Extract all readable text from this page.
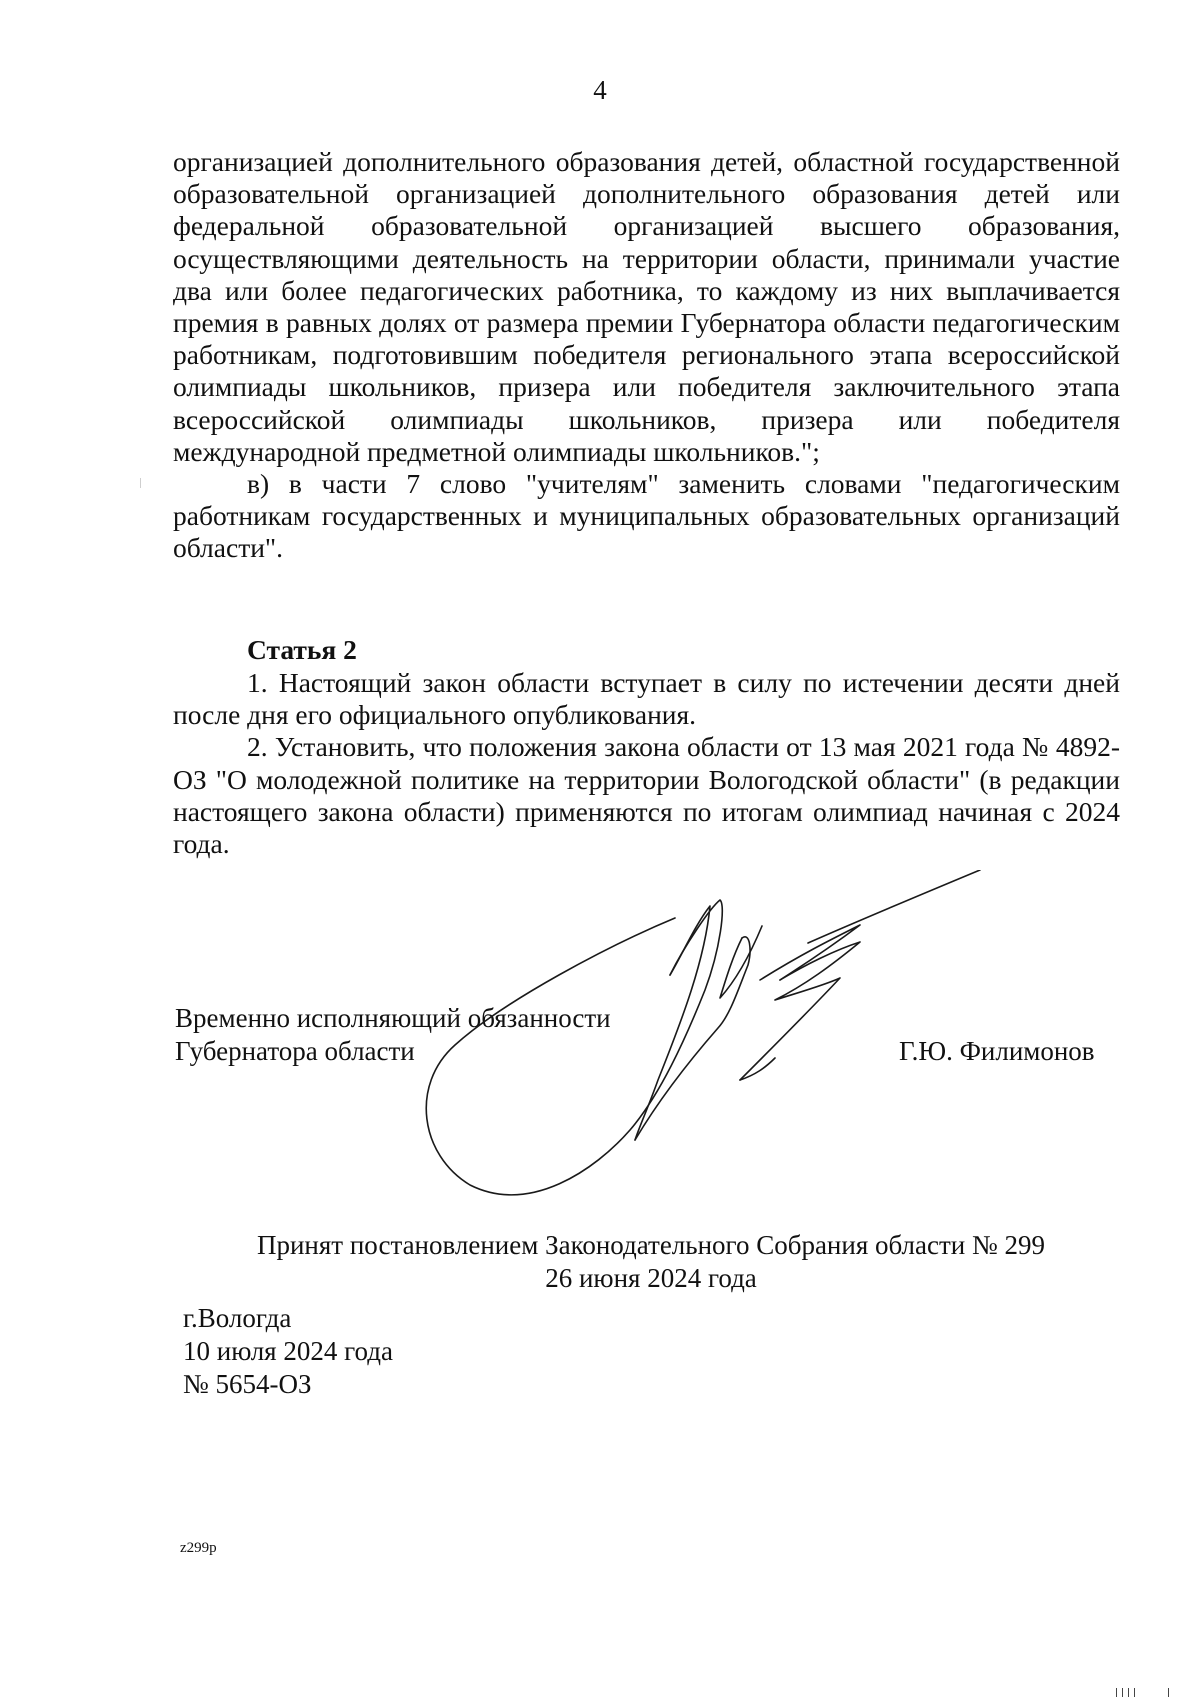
4

организацией дополнительного образования детей, областной государственной образовательной организацией дополнительного образования детей или федеральной образовательной организацией высшего образования, осуществляющими деятельность на территории области, принимали участие два или более педагогических работника, то каждому из них выплачивается премия в равных долях от размера премии Губернатора области педагогическим работникам, подготовившим победителя регионального этапа всероссийской олимпиады школьников, призера или победителя заключительного этапа всероссийской олимпиады школьников, призера или победителя международной предметной олимпиады школьников.";

в) в части 7 слово "учителям" заменить словами "педагогическим работникам государственных и муниципальных образовательных организаций области".

Статья 2

1. Настоящий закон области вступает в силу по истечении десяти дней после дня его официального опубликования.

2. Установить, что положения закона области от 13 мая 2021 года № 4892-ОЗ "О молодежной политике на территории Вологодской области" (в редакции настоящего закона области) применяются по итогам олимпиад начиная с 2024 года.

Временно исполняющий обязанности
Губернатора области	Г.Ю. Филимонов
Принят постановлением Законодательного Собрания области № 299
26 июня 2024 года
г.Вологда
10 июля 2024 года
№ 5654-ОЗ
z299p
